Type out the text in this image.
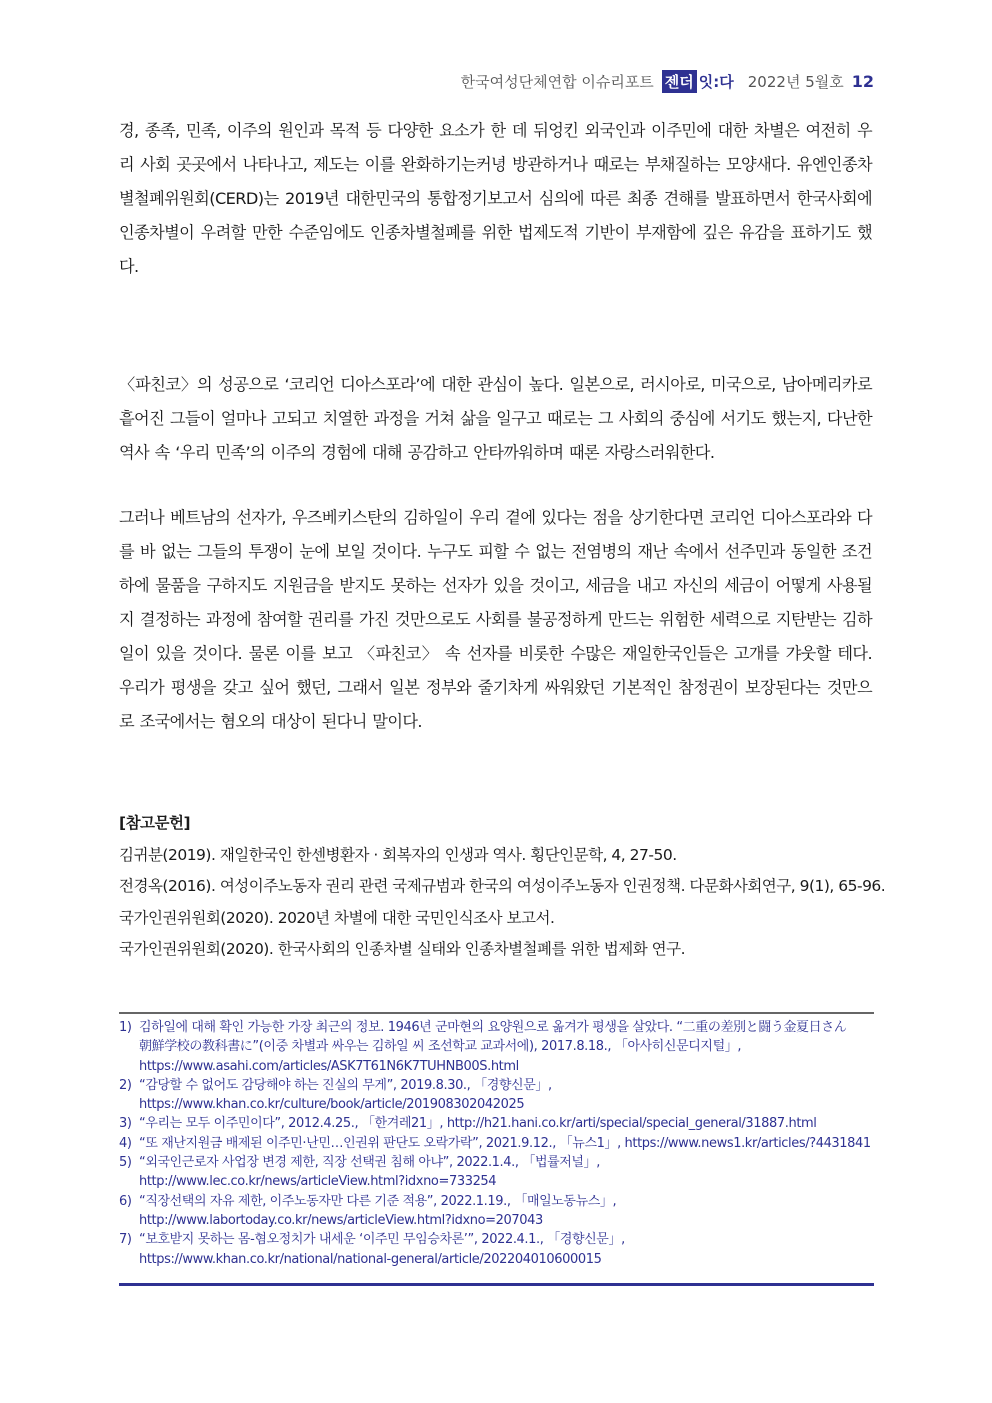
한국여성단체연합 이슈리포트 젠더 잇:다 2022년 5월호 12
경, 종족, 민족, 이주의 원인과 목적 등 다양한 요소가 한 데 뒤엉킨 외국인과 이주민에 대한 차별은 여전히 우리 사회 곳곳에서 나타나고, 제도는 이를 완화하기는커녕 방관하거나 때로는 부채질하는 모양새다. 유엔인종차별철폐위원회(CERD)는 2019년 대한민국의 통합정기보고서 심의에 따른 최종 견해를 발표하면서 한국사회에 인종차별이 우려할 만한 수준임에도 인종차별철폐를 위한 법제도적 기반이 부재함에 깊은 유감을 표하기도 했다.
〈파친코〉의 성공으로 ‘코리언 디아스포라’에 대한 관심이 높다. 일본으로, 러시아로, 미국으로, 남아메리카로 흩어진 그들이 얼마나 고되고 치열한 과정을 거쳐 삶을 일구고 때로는 그 사회의 중심에 서기도 했는지, 다난한 역사 속 ‘우리 민족’의 이주의 경험에 대해 공감하고 안타까워하며 때론 자랑스러워한다.
그러나 베트남의 선자가, 우즈베키스탄의 김하일이 우리 곁에 있다는 점을 상기한다면 코리언 디아스포라와 다를 바 없는 그들의 투쟁이 눈에 보일 것이다. 누구도 피할 수 없는 전염병의 재난 속에서 선주민과 동일한 조건 하에 물품을 구하지도 지원금을 받지도 못하는 선자가 있을 것이고, 세금을 내고 자신의 세금이 어떻게 사용될지 결정하는 과정에 참여할 권리를 가진 것만으로도 사회를 불공정하게 만드는 위험한 세력으로 지탄받는 김하일이 있을 것이다. 물론 이를 보고 〈파친코〉 속 선자를 비롯한 수많은 재일한국인들은 고개를 갸웃할 테다. 우리가 평생을 갖고 싶어 했던, 그래서 일본 정부와 줄기차게 싸워왔던 기본적인 참정권이 보장된다는 것만으로 조국에서는 혐오의 대상이 된다니 말이다.
[참고문헌]
김귀분(2019). 재일한국인 한센병환자 · 회복자의 인생과 역사. 횡단인문학, 4, 27-50.
전경옥(2016). 여성이주노동자 권리 관련 국제규범과 한국의 여성이주노동자 인권정책. 다문화사회연구, 9(1), 65-96.
국가인권위원회(2020). 2020년 차별에 대한 국민인식조사 보고서.
국가인권위원회(2020). 한국사회의 인종차별 실태와 인종차별철폐를 위한 법제화 연구.
1) 김하일에 대해 확인 가능한 가장 최근의 정보. 1946년 군마현의 요양원으로 옮겨가 평생을 살았다. “二重の差別と闘う金夏日さん
朝鮮学校の教科書に”(이중 차별과 싸우는 김하일 씨 조선학교 교과서에), 2017.8.18., 「아사히신문디지털」,
https://www.asahi.com/articles/ASK7T61N6K7TUHNB00S.html
2) “감당할 수 없어도 감당해야 하는 진실의 무게”, 2019.8.30., 「경향신문」,
https://www.khan.co.kr/culture/book/article/201908302042025
3) “우리는 모두 이주민이다”, 2012.4.25., 「한겨레21」, http://h21.hani.co.kr/arti/special/special_general/31887.html
4) “또 재난지원금 배제된 이주민·난민…인권위 판단도 오락가락”, 2021.9.12., 「뉴스1」, https://www.news1.kr/articles/?4431841
5) “외국인근로자 사업장 변경 제한, 직장 선택권 침해 아냐”, 2022.1.4., 「법률저널」,
http://www.lec.co.kr/news/articleView.html?idxno=733254
6) “직장선택의 자유 제한, 이주노동자만 다른 기준 적용”, 2022.1.19., 「매일노동뉴스」,
http://www.labortoday.co.kr/news/articleView.html?idxno=207043
7) “보호받지 못하는 몸-혐오정치가 내세운 ‘이주민 무임승차론’”, 2022.4.1., 「경향신문」,
https://www.khan.co.kr/national/national-general/article/202204010600015
